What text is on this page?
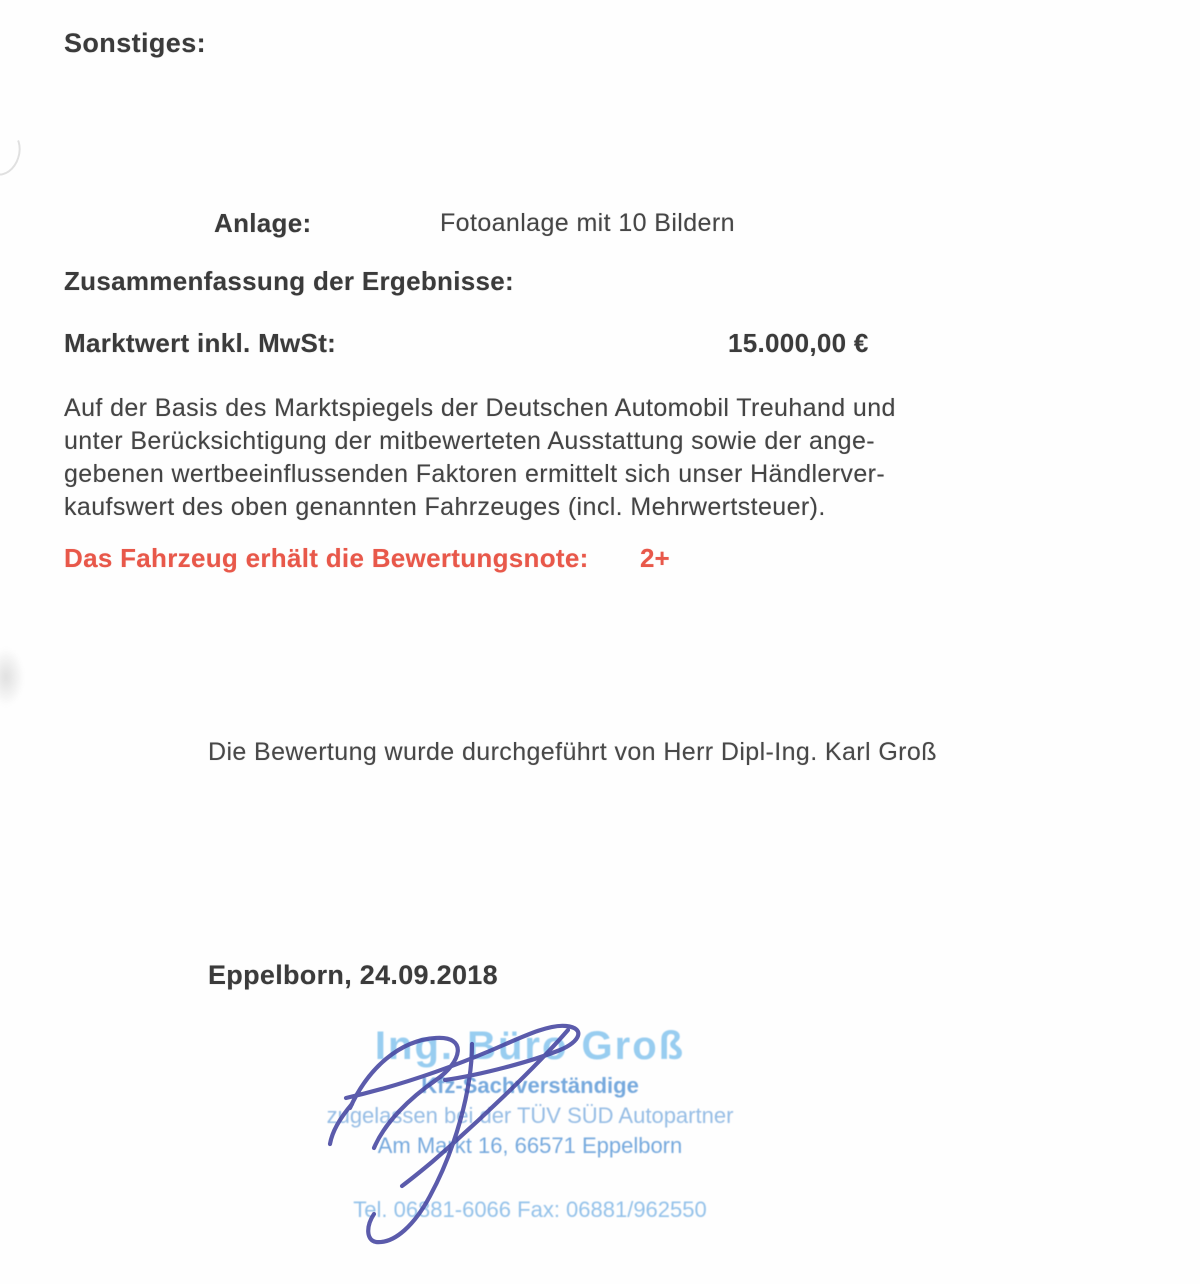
Sonstiges:
Anlage:	Fotoanlage mit 10 Bildern
Zusammenfassung der Ergebnisse:
Marktwert inkl. MwSt:	15.000,00 €
Auf der Basis des Marktspiegels der Deutschen Automobil Treuhand und
unter Berücksichtigung der mitbewerteten Ausstattung sowie der ange-
gebenen wertbeeinflussenden Faktoren ermittelt sich unser Händlerver-
kaufswert des oben genannten Fahrzeuges (incl. Mehrwertsteuer).
Das Fahrzeug erhält die Bewertungsnote: 2+
Die Bewertung wurde durchgeführt von Herr Dipl-Ing. Karl Groß
Eppelborn, 24.09.2018
Ing. Büro Groß
Kfz-Sachverständige
zugelassen bei der TÜV SÜD Autopartner
Am Markt 16, 66571 Eppelborn
Tel. 06881-6066 Fax: 06881/962550
